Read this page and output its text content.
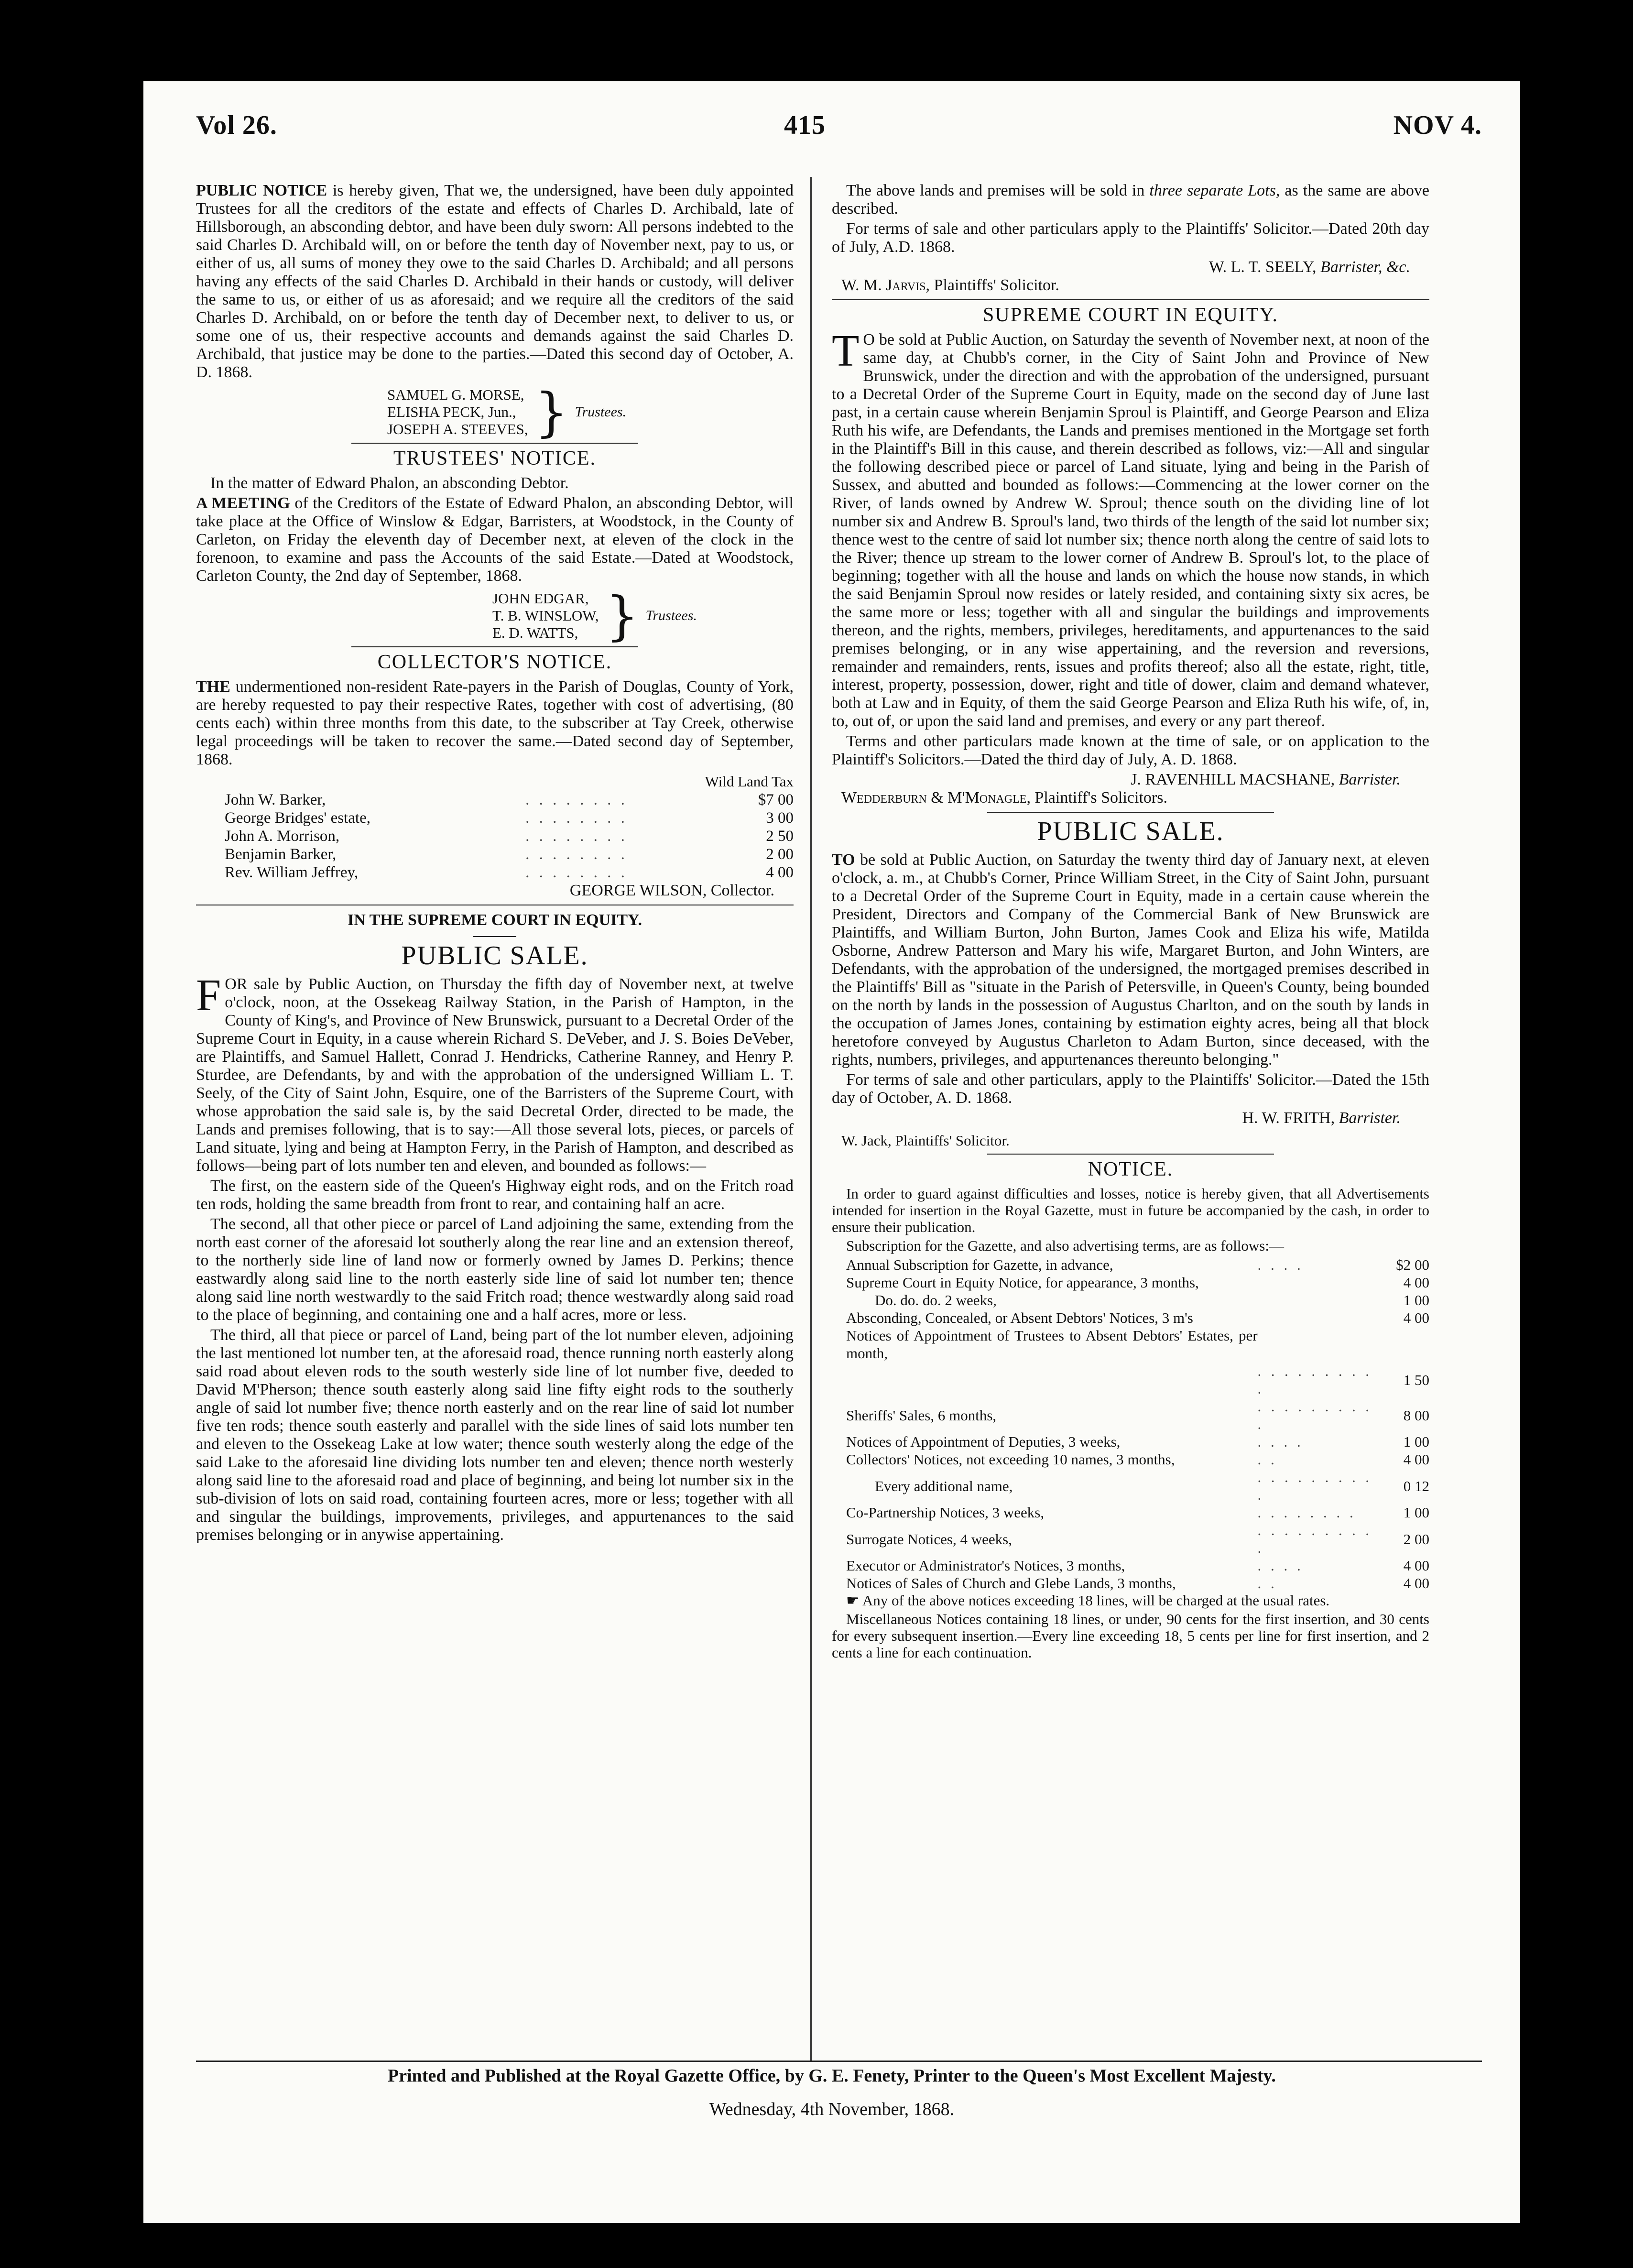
Vol 26.	415	NOV 4.

PUBLIC NOTICE is hereby given, That we, the undersigned, have been duly appointed Trustees for all the creditors of the estate and effects of Charles D. Archibald, late of Hillsborough, an absconding debtor, and have been duly sworn: All persons indebted to the said Charles D. Archibald will, on or before the tenth day of November next, pay to us, or either of us, all sums of money they owe to the said Charles D. Archibald; and all persons having any effects of the said Charles D. Archibald in their hands or custody, will deliver the same to us, or either of us as aforesaid; and we require all the creditors of the said Charles D. Archibald, on or before the tenth day of December next, to deliver to us, or some one of us, their respective accounts and demands against the said Charles D. Archibald, that justice may be done to the parties.—Dated this second day of October, A. D. 1868.

SAMUEL G. MORSE,
ELISHA PECK, Jun.,
JOSEPH A. STEEVES, } Trustees.
TRUSTEES' NOTICE.

In the matter of Edward Phalon, an absconding Debtor.

A MEETING of the Creditors of the Estate of Edward Phalon, an absconding Debtor, will take place at the Office of Winslow & Edgar, Barristers, at Woodstock, in the County of Carleton, on Friday the eleventh day of December next, at eleven of the clock in the forenoon, to examine and pass the Accounts of the said Estate.—Dated at Woodstock, Carleton County, the 2nd day of September, 1868.

JOHN EDGAR,
T. B. WINSLOW,
E. D. WATTS, } Trustees.
COLLECTOR'S NOTICE.

THE undermentioned non-resident Rate-payers in the Parish of Douglas, County of York, are hereby requested to pay their respective Rates, together with cost of advertising, (80 cents each) within three months from this date, to the subscriber at Tay Creek, otherwise legal proceedings will be taken to recover the same.—Dated second day of September, 1868.

Wild Land Tax
John W. Barker,	. . . . . . . .	$7 00
George Bridges' estate,	. . . . . . . .	3 00
John A. Morrison,	. . . . . . . .	2 50
Benjamin Barker,	. . . . . . . .	2 00
Rev. William Jeffrey,	. . . . . . . .	4 00
GEORGE WILSON, Collector.
IN THE SUPREME COURT IN EQUITY.
PUBLIC SALE.

FOR sale by Public Auction, on Thursday the fifth day of November next, at twelve o'clock, noon, at the Ossekeag Railway Station, in the Parish of Hampton, in the County of King's, and Province of New Brunswick, pursuant to a Decretal Order of the Supreme Court in Equity, in a cause wherein Richard S. DeVeber, and J. S. Boies DeVeber, are Plaintiffs, and Samuel Hallett, Conrad J. Hendricks, Catherine Ranney, and Henry P. Sturdee, are Defendants, by and with the approbation of the undersigned William L. T. Seely, of the City of Saint John, Esquire, one of the Barristers of the Supreme Court, with whose approbation the said sale is, by the said Decretal Order, directed to be made, the Lands and premises following, that is to say:—All those several lots, pieces, or parcels of Land situate, lying and being at Hampton Ferry, in the Parish of Hampton, and described as follows—being part of lots number ten and eleven, and bounded as follows:—

The first, on the eastern side of the Queen's Highway eight rods, and on the Fritch road ten rods, holding the same breadth from front to rear, and containing half an acre.

The second, all that other piece or parcel of Land adjoining the same, extending from the north east corner of the aforesaid lot southerly along the rear line and an extension thereof, to the northerly side line of land now or formerly owned by James D. Perkins; thence eastwardly along said line to the north easterly side line of said lot number ten; thence along said line north westwardly to the said Fritch road; thence westwardly along said road to the place of beginning, and containing one and a half acres, more or less.

The third, all that piece or parcel of Land, being part of the lot number eleven, adjoining the last mentioned lot number ten, at the aforesaid road, thence running north easterly along said road about eleven rods to the south westerly side line of lot number five, deeded to David M'Pherson; thence south easterly along said line fifty eight rods to the southerly angle of said lot number five; thence north easterly and on the rear line of said lot number five ten rods; thence south easterly and parallel with the side lines of said lots number ten and eleven to the Ossekeag Lake at low water; thence south westerly along the edge of the said Lake to the aforesaid line dividing lots number ten and eleven; thence north westerly along said line to the aforesaid road and place of beginning, and being lot number six in the sub-division of lots on said road, containing fourteen acres, more or less; together with all and singular the buildings, improvements, privileges, and appurtenances to the said premises belonging or in anywise appertaining.

The above lands and premises will be sold in three separate Lots, as the same are above described.

For terms of sale and other particulars apply to the Plaintiffs' Solicitor.—Dated 20th day of July, A.D. 1868.

W. L. T. SEELY, Barrister, &c.
W. M. Jarvis, Plaintiffs' Solicitor.
SUPREME COURT IN EQUITY.

T O be sold at Public Auction, on Saturday the seventh of November next, at noon of the same day, at Chubb's corner, in the City of Saint John and Province of New Brunswick, under the direction and with the approbation of the undersigned, pursuant to a Decretal Order of the Supreme Court in Equity, made on the second day of June last past, in a certain cause wherein Benjamin Sproul is Plaintiff, and George Pearson and Eliza Ruth his wife, are Defendants, the Lands and premises mentioned in the Mortgage set forth in the Plaintiff's Bill in this cause, and therein described as follows, viz:—All and singular the following described piece or parcel of Land situate, lying and being in the Parish of Sussex, and abutted and bounded as follows:—Commencing at the lower corner on the River, of lands owned by Andrew W. Sproul; thence south on the dividing line of lot number six and Andrew B. Sproul's land, two thirds of the length of the said lot number six; thence west to the centre of said lot number six; thence north along the centre of said lots to the River; thence up stream to the lower corner of Andrew B. Sproul's lot, to the place of beginning; together with all the house and lands on which the house now stands, in which the said Benjamin Sproul now resides or lately resided, and containing sixty six acres, be the same more or less; together with all and singular the buildings and improvements thereon, and the rights, members, privileges, hereditaments, and appurtenances to the said premises belonging, or in any wise appertaining, and the reversion and reversions, remainder and remainders, rents, issues and profits thereof; also all the estate, right, title, interest, property, possession, dower, right and title of dower, claim and demand whatever, both at Law and in Equity, of them the said George Pearson and Eliza Ruth his wife, of, in, to, out of, or upon the said land and premises, and every or any part thereof.

Terms and other particulars made known at the time of sale, or on application to the Plaintiff's Solicitors.—Dated the third day of July, A. D. 1868.

J. RAVENHILL MACSHANE, Barrister.
Wedderburn & M'Monagle, Plaintiff's Solicitors.
PUBLIC SALE.

TO be sold at Public Auction, on Saturday the twenty third day of January next, at eleven o'clock, a. m., at Chubb's Corner, Prince William Street, in the City of Saint John, pursuant to a Decretal Order of the Supreme Court in Equity, made in a certain cause wherein the President, Directors and Company of the Commercial Bank of New Brunswick are Plaintiffs, and William Burton, John Burton, James Cook and Eliza his wife, Matilda Osborne, Andrew Patterson and Mary his wife, Margaret Burton, and John Winters, are Defendants, with the approbation of the undersigned, the mortgaged premises described in the Plaintiffs' Bill as "situate in the Parish of Petersville, in Queen's County, being bounded on the north by lands in the possession of Augustus Charlton, and on the south by lands in the occupation of James Jones, containing by estimation eighty acres, being all that block heretofore conveyed by Augustus Charleton to Adam Burton, since deceased, with the rights, numbers, privileges, and appurtenances thereunto belonging."

For terms of sale and other particulars, apply to the Plaintiffs' Solicitor.—Dated the 15th day of October, A. D. 1868.

H. W. FRITH, Barrister.
W. Jack, Plaintiffs' Solicitor.
NOTICE.

In order to guard against difficulties and losses, notice is hereby given, that all Advertisements intended for insertion in the Royal Gazette, must in future be accompanied by the cash, in order to ensure their publication.

Subscription for the Gazette, and also advertising terms, are as follows:—

Annual Subscription for Gazette, in advance,	. . . .	$2 00
Supreme Court in Equity Notice, for appearance, 3 months,		4 00
Do. do. do. 2 weeks,		1 00
Absconding, Concealed, or Absent Debtors' Notices, 3 m's		4 00
Notices of Appointment of Trustees to Absent Debtors' Estates, per month,		
	. . . . . . . . . .	1 50
Sheriffs' Sales, 6 months,	. . . . . . . . . .	8 00
Notices of Appointment of Deputies, 3 weeks,	. . . .	1 00
Collectors' Notices, not exceeding 10 names, 3 months,	. .	4 00
Every additional name,	. . . . . . . . . .	0 12
Co-Partnership Notices, 3 weeks,	. . . . . . . .	1 00
Surrogate Notices, 4 weeks,	. . . . . . . . . .	2 00
Executor or Administrator's Notices, 3 months,	. . . .	4 00
Notices of Sales of Church and Glebe Lands, 3 months,	. .	4 00

☛ Any of the above notices exceeding 18 lines, will be charged at the usual rates.

Miscellaneous Notices containing 18 lines, or under, 90 cents for the first insertion, and 30 cents for every subsequent insertion.—Every line exceeding 18, 5 cents per line for first insertion, and 2 cents a line for each continuation.

Printed and Published at the Royal Gazette Office, by G. E. Fenety, Printer to the Queen's Most Excellent Majesty.
Wednesday, 4th November, 1868.
